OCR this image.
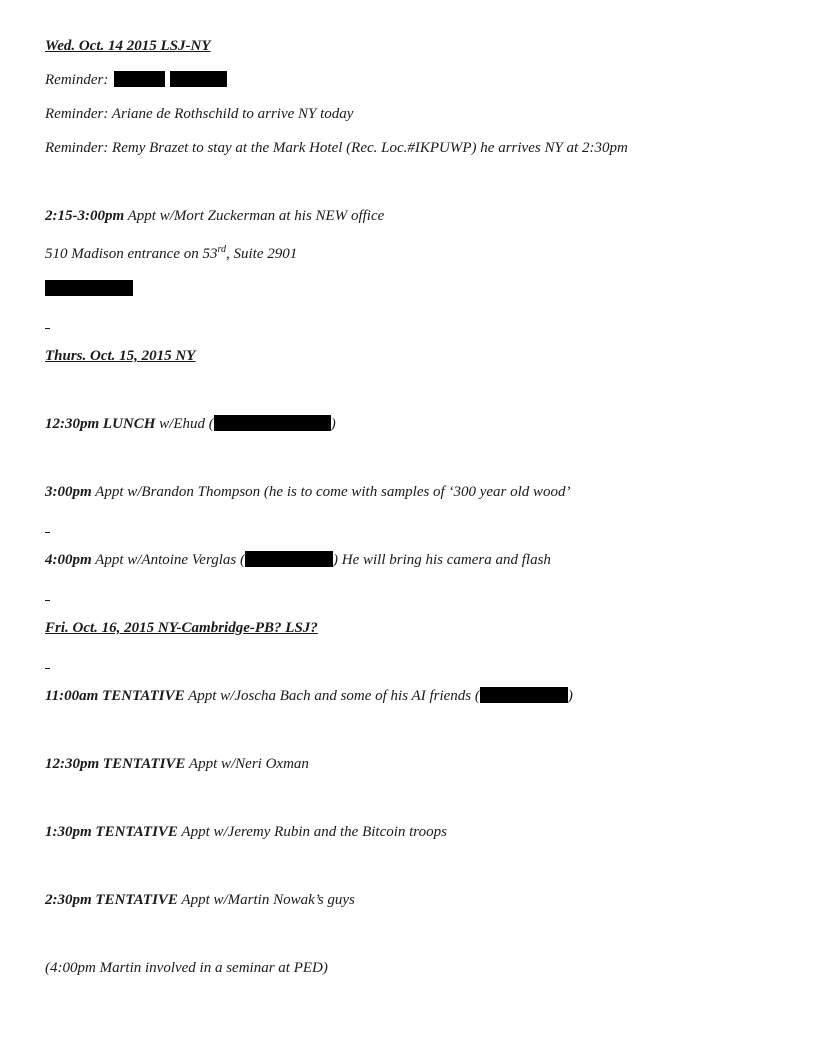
Wed. Oct. 14 2015 LSJ-NY
Reminder:
Reminder: Ariane de Rothschild to arrive NY today
Reminder: Remy Brazet to stay at the Mark Hotel (Rec. Loc.#IKPUWP) he arrives NY at 2:30pm
2:15-3:00pm Appt w/Mort Zuckerman at his NEW office
510 Madison entrance on 53rd, Suite 2901
Thurs. Oct. 15, 2015 NY
12:30pm LUNCH w/Ehud (	)
3:00pm Appt w/Brandon Thompson (he is to come with samples of ‘300 year old wood’
4:00pm Appt w/Antoine Verglas (	) He will bring his camera and flash
Fri. Oct. 16, 2015 NY-Cambridge-PB? LSJ?
11:00am TENTATIVE Appt w/Joscha Bach and some of his AI friends (	)
12:30pm TENTATIVE Appt w/Neri Oxman
1:30pm TENTATIVE Appt w/Jeremy Rubin and the Bitcoin troops
2:30pm TENTATIVE Appt w/Martin Nowak’s guys
(4:00pm Martin involved in a seminar at PED)
